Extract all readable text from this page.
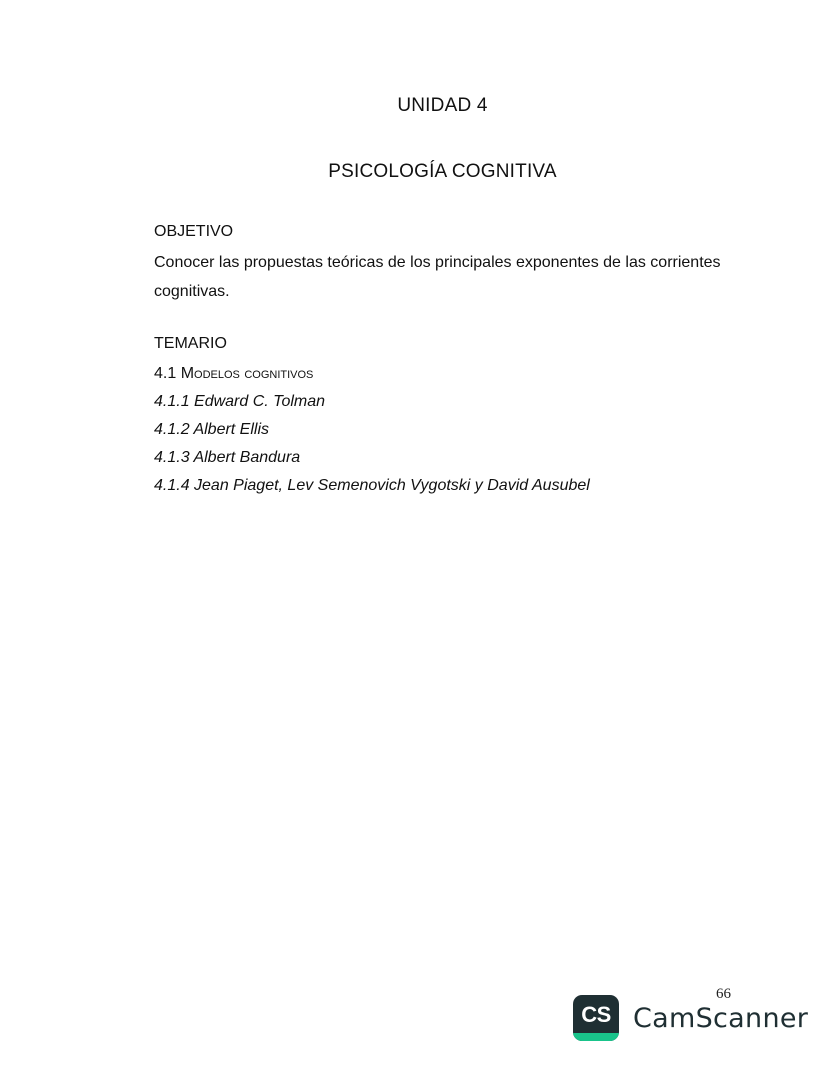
UNIDAD 4
PSICOLOGÍA COGNITIVA
OBJETIVO
Conocer las propuestas teóricas de los principales exponentes de las corrientes cognitivas.
TEMARIO
4.1 Modelos cognitivos
4.1.1 Edward C. Tolman
4.1.2 Albert Ellis
4.1.3 Albert Bandura
4.1.4 Jean Piaget, Lev Semenovich Vygotski y David Ausubel
66
CS CamScanner
